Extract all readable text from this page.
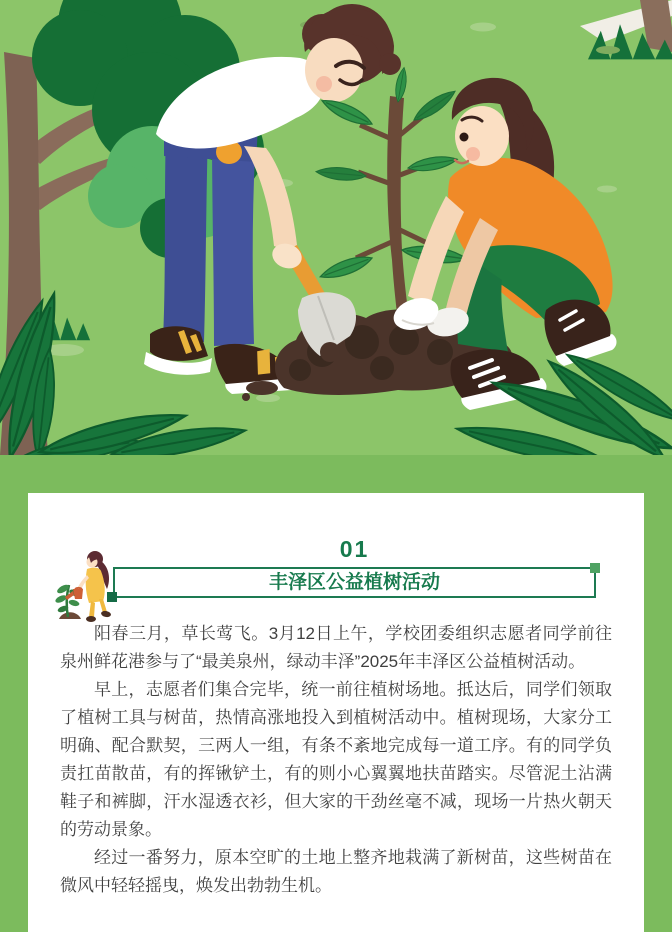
01
丰泽区公益植树活动

阳春三月，草长莺飞。3月12日上午，学校团委组织志愿者同学前往泉州鲜花港参与了“最美泉州，绿动丰泽”2025年丰泽区公益植树活动。

早上，志愿者们集合完毕，统一前往植树场地。抵达后，同学们领取了植树工具与树苗，热情高涨地投入到植树活动中。植树现场，大家分工明确、配合默契，三两人一组，有条不紊地完成每一道工序。有的同学负责扛苗散苗，有的挥锹铲土，有的则小心翼翼地扶苗踏实。尽管泥土沾满鞋子和裤脚，汗水湿透衣衫，但大家的干劲丝毫不减，现场一片热火朝天的劳动景象。

经过一番努力，原本空旷的土地上整齐地栽满了新树苗，这些树苗在微风中轻轻摇曳，焕发出勃勃生机。
